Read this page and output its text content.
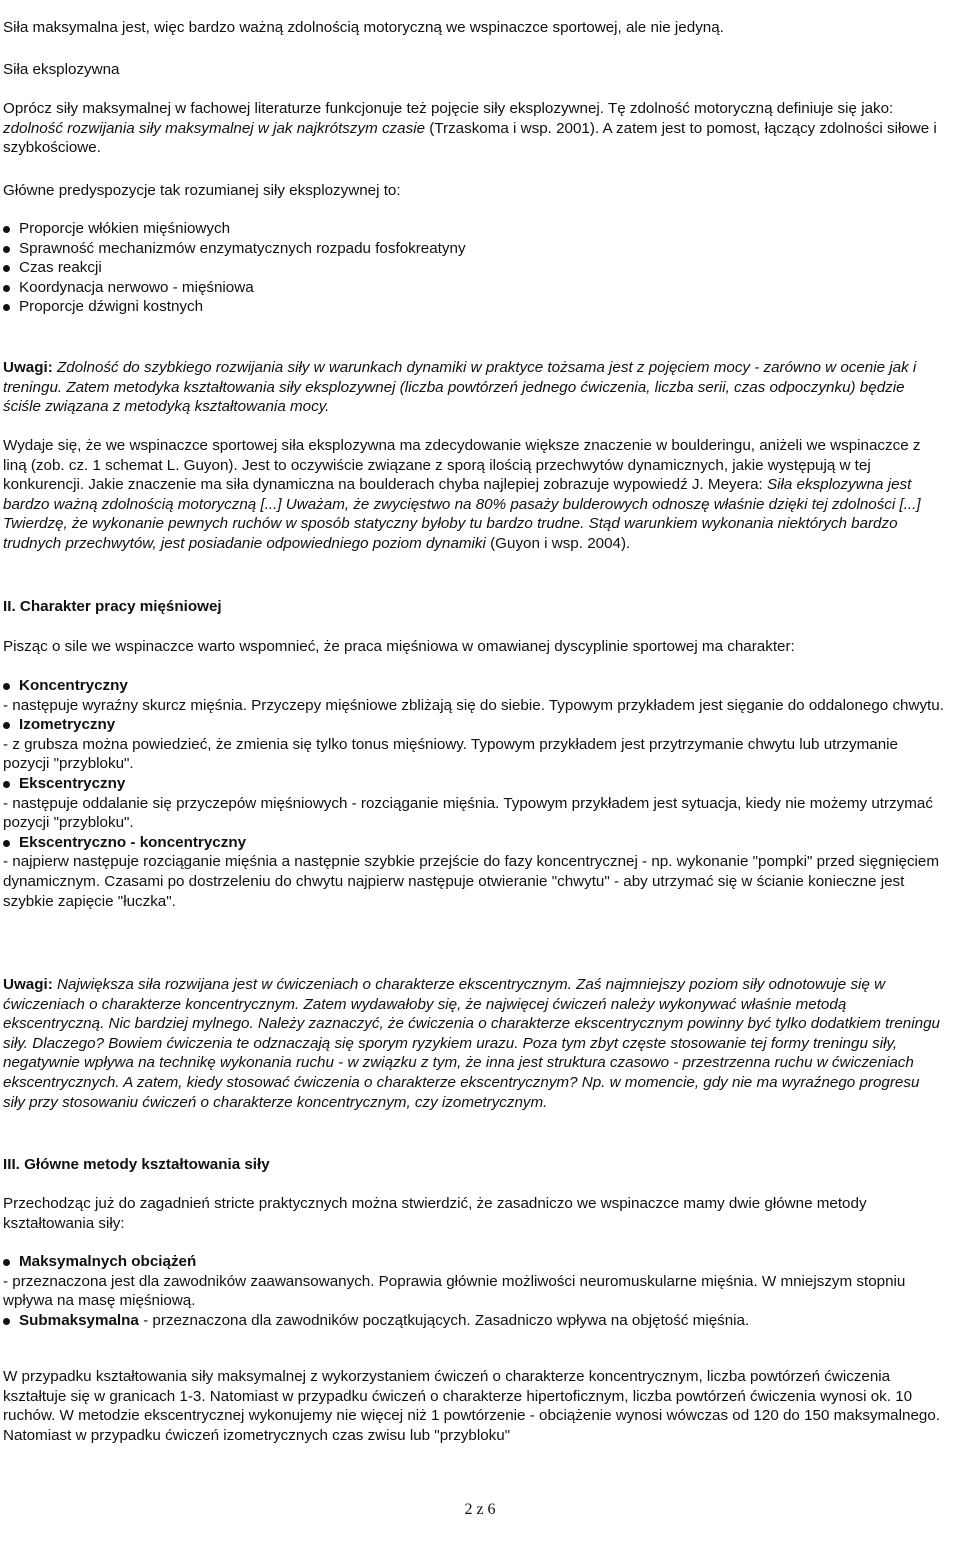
Siła maksymalna jest, więc bardzo ważną zdolnością motoryczną we wspinaczce sportowej, ale nie jedyną.

Siła eksplozywna

Oprócz siły maksymalnej w fachowej literaturze funkcjonuje też pojęcie siły eksplozywnej. Tę zdolność motoryczną definiuje się jako: zdolność rozwijania siły maksymalnej w jak najkrótszym czasie (Trzaskoma i wsp. 2001). A zatem jest to pomost, łączący zdolności siłowe i szybkościowe.

Główne predyspozycje tak rozumianej siły eksplozywnej to:

Proporcje włókien mięśniowych
Sprawność mechanizmów enzymatycznych rozpadu fosfokreatyny
Czas reakcji
Koordynacja nerwowo - mięśniowa
Proporcje dźwigni kostnych

Uwagi: Zdolność do szybkiego rozwijania siły w warunkach dynamiki w praktyce tożsama jest z pojęciem mocy - zarówno w ocenie jak i treningu. Zatem metodyka kształtowania siły eksplozywnej (liczba powtórzeń jednego ćwiczenia, liczba serii, czas odpoczynku) będzie ściśle związana z metodyką kształtowania mocy.

Wydaje się, że we wspinaczce sportowej siła eksplozywna ma zdecydowanie większe znaczenie w boulderingu, aniżeli we wspinaczce z liną (zob. cz. 1 schemat L. Guyon). Jest to oczywiście związane z sporą ilością przechwytów dynamicznych, jakie występują w tej konkurencji. Jakie znaczenie ma siła dynamiczna na boulderach chyba najlepiej zobrazuje wypowiedź J. Meyera: Siła eksplozywna jest bardzo ważną zdolnością motoryczną [...] Uważam, że zwycięstwo na 80% pasaży bulderowych odnoszę właśnie dzięki tej zdolności [...] Twierdzę, że wykonanie pewnych ruchów w sposób statyczny byłoby tu bardzo trudne. Stąd warunkiem wykonania niektórych bardzo trudnych przechwytów, jest posiadanie odpowiedniego poziom dynamiki (Guyon i wsp. 2004).

II. Charakter pracy mięśniowej

Pisząc o sile we wspinaczce warto wspomnieć, że praca mięśniowa w omawianej dyscyplinie sportowej ma charakter:

Koncentryczny
- następuje wyraźny skurcz mięśnia. Przyczepy mięśniowe zbliżają się do siebie. Typowym przykładem jest sięganie do oddalonego chwytu.
Izometryczny
- z grubsza można powiedzieć, że zmienia się tylko tonus mięśniowy. Typowym przykładem jest przytrzymanie chwytu lub utrzymanie pozycji "przybloku".
Ekscentryczny
- następuje oddalanie się przyczepów mięśniowych - rozciąganie mięśnia. Typowym przykładem jest sytuacja, kiedy nie możemy utrzymać pozycji "przybloku".
Ekscentryczno - koncentryczny
- najpierw następuje rozciąganie mięśnia a następnie szybkie przejście do fazy koncentrycznej - np. wykonanie "pompki" przed sięgnięciem dynamicznym. Czasami po dostrzeleniu do chwytu najpierw następuje otwieranie "chwytu" - aby utrzymać się w ścianie konieczne jest szybkie zapięcie "łuczka".

Uwagi: Największa siła rozwijana jest w ćwiczeniach o charakterze ekscentrycznym. Zaś najmniejszy poziom siły odnotowuje się w ćwiczeniach o charakterze koncentrycznym. Zatem wydawałoby się, że najwięcej ćwiczeń należy wykonywać właśnie metodą ekscentryczną. Nic bardziej mylnego. Należy zaznaczyć, że ćwiczenia o charakterze ekscentrycznym powinny być tylko dodatkiem treningu siły. Dlaczego? Bowiem ćwiczenia te odznaczają się sporym ryzykiem urazu. Poza tym zbyt częste stosowanie tej formy treningu siły, negatywnie wpływa na technikę wykonania ruchu - w związku z tym, że inna jest struktura czasowo - przestrzenna ruchu w ćwiczeniach ekscentrycznych. A zatem, kiedy stosować ćwiczenia o charakterze ekscentrycznym? Np. w momencie, gdy nie ma wyraźnego progresu siły przy stosowaniu ćwiczeń o charakterze koncentrycznym, czy izometrycznym.

III. Główne metody kształtowania siły

Przechodząc już do zagadnień stricte praktycznych można stwierdzić, że zasadniczo we wspinaczce mamy dwie główne metody kształtowania siły:

Maksymalnych obciążeń
- przeznaczona jest dla zawodników zaawansowanych. Poprawia głównie możliwości neuromuskularne mięśnia. W mniejszym stopniu wpływa na masę mięśniową.
Submaksymalna - przeznaczona dla zawodników początkujących. Zasadniczo wpływa na objętość mięśnia.

W przypadku kształtowania siły maksymalnej z wykorzystaniem ćwiczeń o charakterze koncentrycznym, liczba powtórzeń ćwiczenia kształtuje się w granicach 1-3. Natomiast w przypadku ćwiczeń o charakterze hipertoficznym, liczba powtórzeń ćwiczenia wynosi ok. 10 ruchów. W metodzie ekscentrycznej wykonujemy nie więcej niż 1 powtórzenie - obciążenie wynosi wówczas od 120 do 150 maksymalnego. Natomiast w przypadku ćwiczeń izometrycznych czas zwisu lub "przybloku"

2 z 6
